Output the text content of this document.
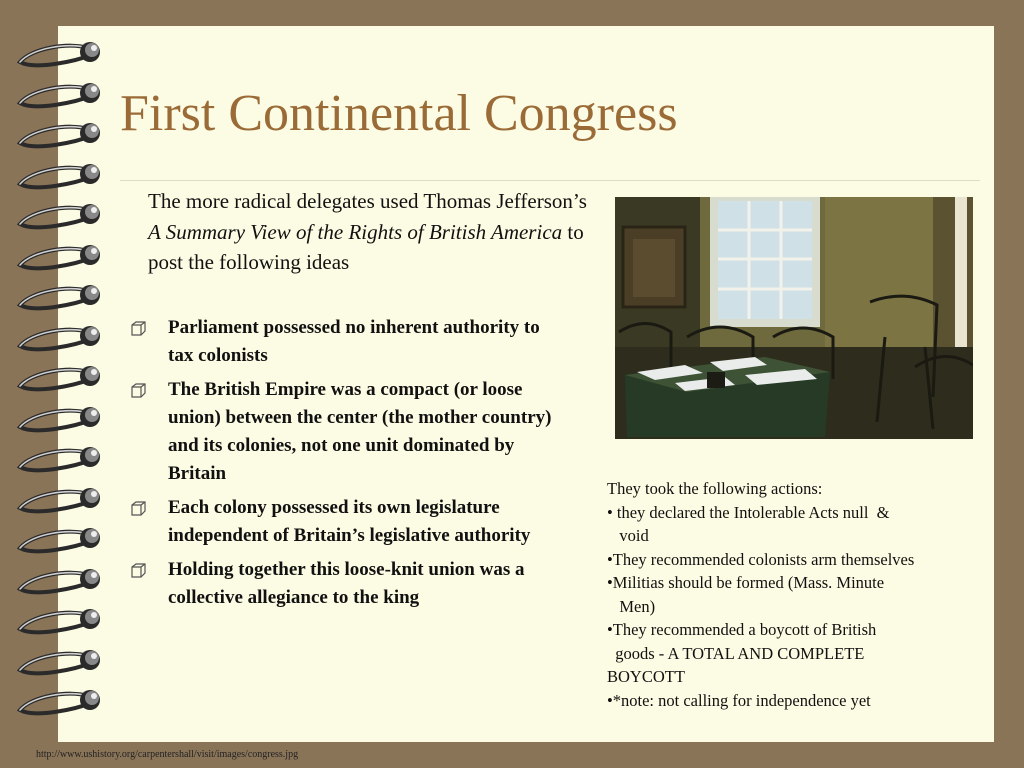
First Continental Congress
The more radical delegates used Thomas Jefferson’s A Summary View of the Rights of British America to post the following ideas
Parliament possessed no inherent authority to tax colonists
The British Empire was a compact (or loose union) between the center (the mother country) and its colonies, not one unit dominated by Britain
Each colony possessed its own legislature independent of Britain’s legislative authority
Holding together this loose-knit union was a collective allegiance to the king
They took the following actions:
• they declared the Intolerable Acts null  &
void
•They recommended colonists arm themselves
•Militias should be formed (Mass. Minute
Men)
•They recommended a boycott of British
goods - A TOTAL AND COMPLETE
BOYCOTT
•*note: not calling for independence yet
http://www.ushistory.org/carpentershall/visit/images/congress.jpg
